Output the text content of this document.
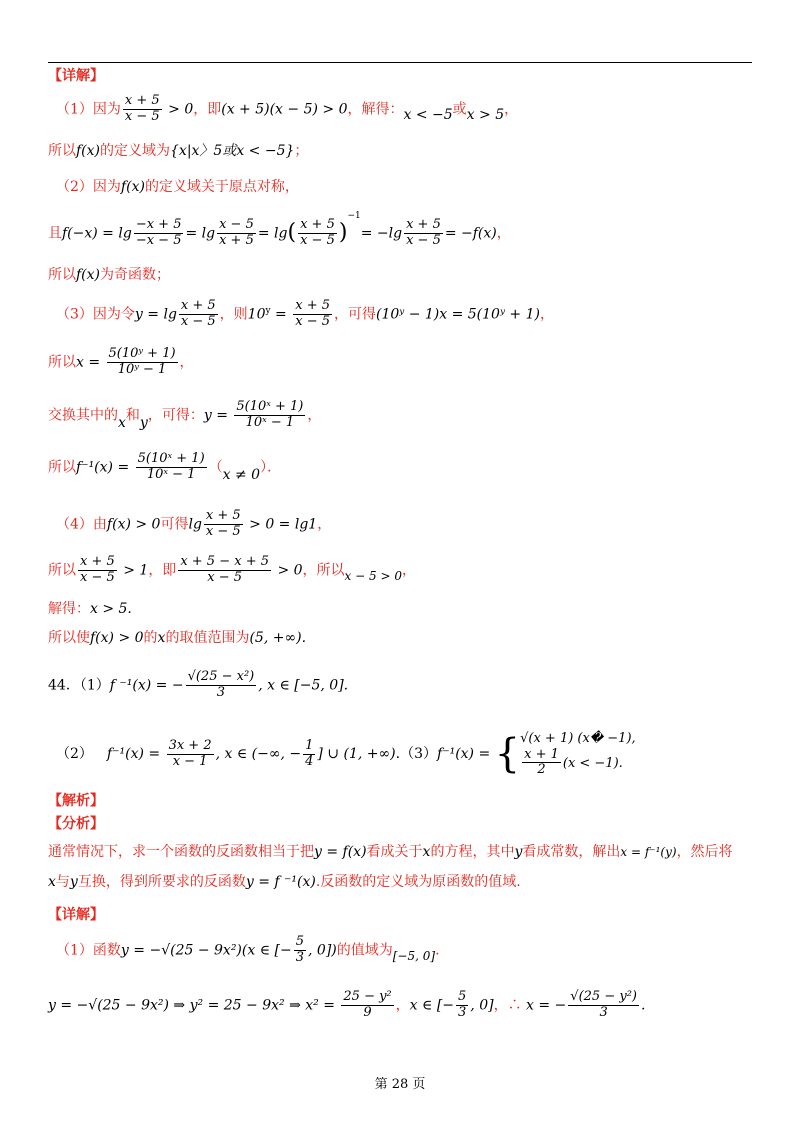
【详解】
（1）因为 $\frac{x + 5}{x - 5} > 0$，即(x + 5)(x − 5) > 0，解得：x < −5或x > 5，
所以f(x)的定义域为{x|x〉5或x < −5}；
（2）因为f(x)的定义域关于原点对称，
且$f(-x) = \lg \frac{-x + 5}{-x - 5} = \lg \frac{x - 5}{x + 5} = \lg( \frac{x + 5}{x - 5} )^{-1}= -\lg \frac{x + 5}{x - 5} = -f(x)$，
所以f(x)为奇函数；
（3）因为令$y = \lg \frac{x + 5}{x - 5}$ ，则$10^y = \frac{x + 5}{x - 5}$ ，可得(10ʸ − 1)x = 5(10ʸ + 1)，
所以$x = \frac{\text{5(10ʸ + 1)}}{\text{10ʸ − 1}}$ ，
交换其中的x和y，可得：$y = \frac{\text{5(10ˣ + 1)}}{\text{10ˣ − 1}}$ ，
所以$f^{-1}(x) = \frac{\text{5(10ˣ + 1)}}{\text{10ˣ − 1}} (x \ne 0)$．
（4）由f(x) > 0可得$\lg \frac{x + 5}{x - 5} > 0 = \lg 1$，
所以 $\frac{x + 5}{x - 5} > 1$，即 $\frac{x + 5 - x + 5}{x - 5} > 0$，所以x − 5 > 0，
解得：x > 5.
所以使f(x) > 0的x的取值范围为(5, +∞).
44．（1）f ⁻¹(x) = − $\frac{\text{√(25 − x²)}}{3}$ , x ∈ [−5, 0].
（2） $f^{-1}(x) = \frac{3x + 2}{x - 1}$ , x ∈ (−∞, − $\frac{1}{4}$ ] ∪ (1, +∞).（3）f⁻¹(x) = { √(x + 1) (x� −1),
$\frac{x + 1}{2} (x < -1)$.
【解析】
【分析】
通常情况下，求一个函数的反函数相当于把y = f(x)看成关于x的方程，其中y看成常数，解出x = f⁻¹(y)，然后将
x与y互换，得到所要求的反函数y = f ⁻¹(x).反函数的定义域为原函数的值域.
【详解】
（1）函数y = −√(25 − 9x²)(x ∈ [− $\frac{5}{3}$ , 0])的值域为[−5, 0].
y = −√(25 − 9x²) ⇒ y² = 25 − 9x² ⇒ $x^2 = \frac{\text{25 − y²}}{9}$ ，x ∈ [− $\frac{5}{3}$ , 0]，∴ x = − $\frac{\text{√(25 − y²)}}{3}$ .
第 28 页
